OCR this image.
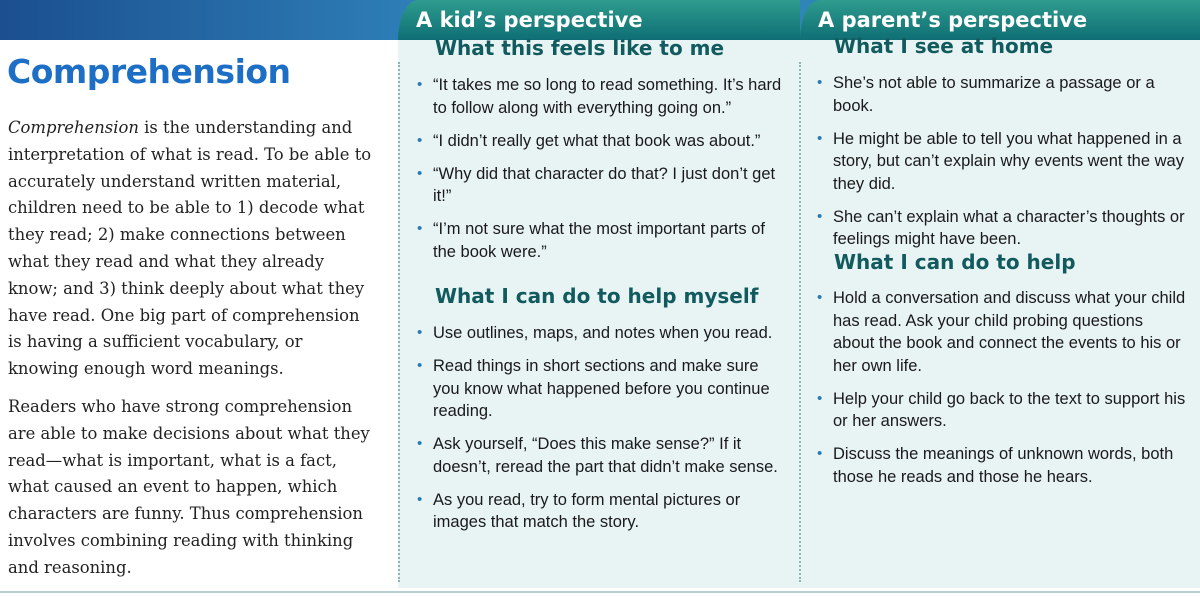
A kid’s perspective	A parent’s perspective
Comprehension

Comprehension is the understanding and interpretation of what is read. To be able to accurately understand written material, children need to be able to 1) decode what they read; 2) make connections between what they read and what they already know; and 3) think deeply about what they have read. One big part of comprehension is having a sufficient vocabulary, or knowing enough word meanings.

Readers who have strong comprehension are able to make decisions about what they read—what is important, what is a fact, what caused an event to happen, which characters are funny. Thus comprehension involves combining reading with thinking and reasoning.

What this feels like to me
• “It takes me so long to read something. It’s hard to follow along with everything going on.”
• “I didn’t really get what that book was about.”
• “Why did that character do that? I just don’t get it!”
• “I’m not sure what the most important parts of the book were.”
What I can do to help myself
• Use outlines, maps, and notes when you read.
• Read things in short sections and make sure you know what happened before you continue reading.
• Ask yourself, “Does this make sense?” If it doesn’t, reread the part that didn’t make sense.
• As you read, try to form mental pictures or images that match the story.
What I see at home
• She’s not able to summarize a passage or a book.
• He might be able to tell you what happened in a story, but can’t explain why events went the way they did.
• She can’t explain what a character’s thoughts or feelings might have been.
What I can do to help
• Hold a conversation and discuss what your child has read. Ask your child probing questions about the book and connect the events to his or her own life.
• Help your child go back to the text to support his or her answers.
• Discuss the meanings of unknown words, both those he reads and those he hears.
